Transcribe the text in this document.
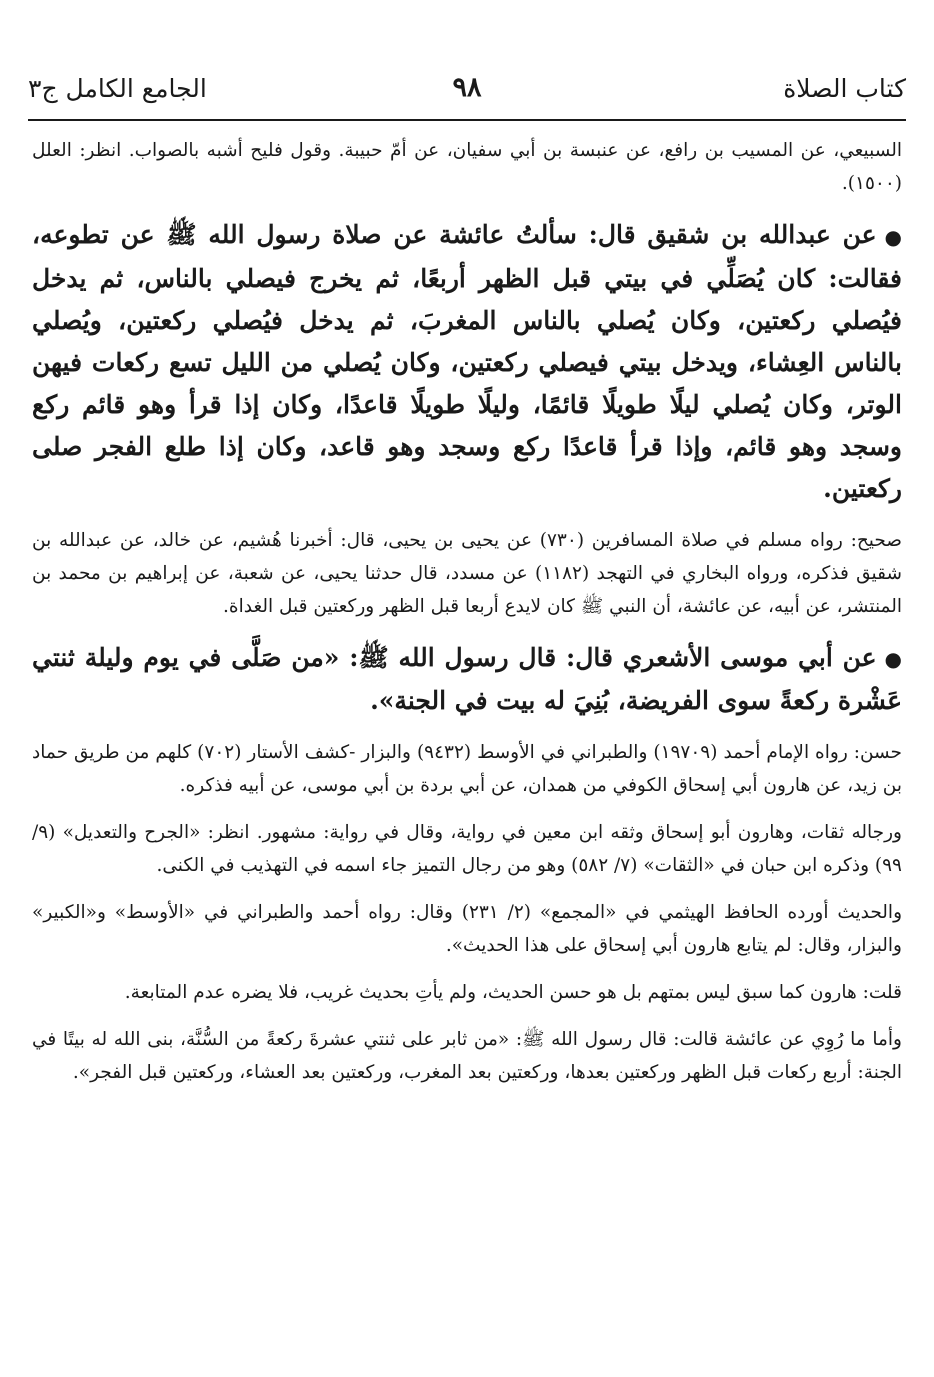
كتاب الصلاة
٩٨
الجامع الكامل ج٣

السبيعي، عن المسيب بن رافع، عن عنبسة بن أبي سفيان، عن أمّ حبيبة. وقول فليح أشبه بالصواب. انظر: العلل (١٥٠٠).

●عن عبدالله بن شقيق قال: سألتُ عائشة عن صلاة رسول الله ﷺ عن تطوعه، فقالت: كان يُصَلِّي في بيتي قبل الظهر أربعًا، ثم يخرج فيصلي بالناس، ثم يدخل فيُصلي ركعتين، وكان يُصلي بالناس المغربَ، ثم يدخل فيُصلي ركعتين، ويُصلي بالناس العِشاء، ويدخل بيتي فيصلي ركعتين، وكان يُصلي من الليل تسع ركعات فيهن الوتر، وكان يُصلي ليلًا طويلًا قائمًا، وليلًا طويلًا قاعدًا، وكان إذا قرأ وهو قائم ركع وسجد وهو قائم، وإذا قرأ قاعدًا ركع وسجد وهو قاعد، وكان إذا طلع الفجر صلى ركعتين.

صحيح: رواه مسلم في صلاة المسافرين (٧٣٠) عن يحيى بن يحيى، قال: أخبرنا هُشيم، عن خالد، عن عبدالله بن شقيق فذكره، ورواه البخاري في التهجد (١١٨٢) عن مسدد، قال حدثنا يحيى، عن شعبة، عن إبراهيم بن محمد بن المنتشر، عن أبيه، عن عائشة، أن النبي ﷺ كان لايدع أربعا قبل الظهر وركعتين قبل الغداة.

●عن أبي موسى الأشعري قال: قال رسول الله ﷺ: «من صَلَّى في يوم وليلة ثنتي عَشْرة ركعةً سوى الفريضة، بُنِيَ له بيت في الجنة».

حسن: رواه الإمام أحمد (١٩٧٠٩) والطبراني في الأوسط (٩٤٣٢) والبزار -كشف الأستار (٧٠٢) كلهم من طريق حماد بن زيد، عن هارون أبي إسحاق الكوفي من همدان، عن أبي بردة بن أبي موسى، عن أبيه فذكره.

ورجاله ثقات، وهارون أبو إسحاق وثقه ابن معين في رواية، وقال في رواية: مشهور. انظر: «الجرح والتعديل» (٩/ ٩٩) وذكره ابن حبان في «الثقات» (٧/ ٥٨٢) وهو من رجال التميز جاء اسمه في التهذيب في الكنى.

والحديث أورده الحافظ الهيثمي في «المجمع» (٢/ ٢٣١) وقال: رواه أحمد والطبراني في «الأوسط» و«الكبير» والبزار، وقال: لم يتابع هارون أبي إسحاق على هذا الحديث».

قلت: هارون كما سبق ليس بمتهم بل هو حسن الحديث، ولم يأتِ بحديث غريب، فلا يضره عدم المتابعة.

وأما ما رُوِي عن عائشة قالت: قال رسول الله ﷺ: «من ثابر على ثنتي عشرةَ ركعةً من السُّنَّة، بنى الله له بيتًا في الجنة: أربع ركعات قبل الظهر وركعتين بعدها، وركعتين بعد المغرب، وركعتين بعد العشاء، وركعتين قبل الفجر».
